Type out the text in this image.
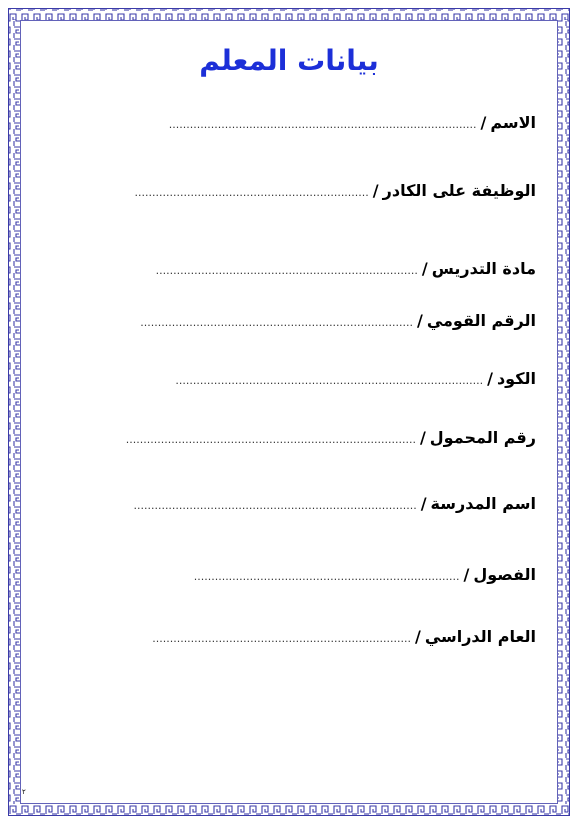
بيانات المعلم
الاسم/........................................................................................
الوظيفة على الكادر/...................................................................
مادة التدريس/...........................................................................
الرقم القومي/..............................................................................
الكود/........................................................................................
رقم المحمول/...................................................................................
اسم المدرسة/.................................................................................
الفصول/............................................................................
العام الدراسي/..........................................................................
٢
